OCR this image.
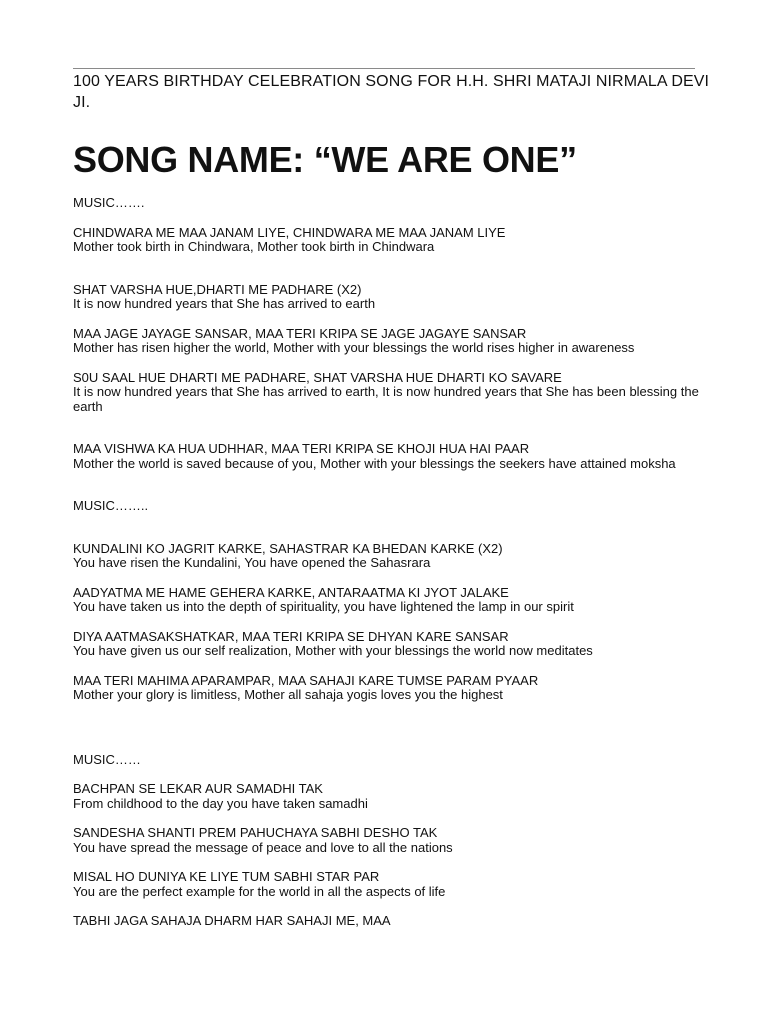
100 YEARS BIRTHDAY CELEBRATION SONG FOR H.H. SHRI MATAJI NIRMALA DEVI JI.
SONG NAME: “WE ARE ONE”
MUSIC…….
CHINDWARA ME MAA JANAM LIYE, CHINDWARA ME MAA JANAM LIYE
Mother took birth in Chindwara, Mother took birth in Chindwara
SHAT VARSHA HUE,DHARTI ME PADHARE (X2)
It is now hundred years that She has arrived to earth
MAA JAGE JAYAGE SANSAR, MAA TERI KRIPA SE JAGE JAGAYE SANSAR
Mother has risen higher the world, Mother with your blessings the world rises higher in awareness
S0U SAAL HUE DHARTI ME PADHARE, SHAT VARSHA HUE DHARTI KO SAVARE
It is now hundred years that She has arrived to earth, It is now hundred years that She has been blessing the earth
MAA VISHWA KA HUA UDHHAR, MAA TERI KRIPA SE KHOJI HUA HAI PAAR
Mother the world is saved because of you, Mother with your blessings the seekers have attained moksha
MUSIC……..
KUNDALINI KO JAGRIT KARKE, SAHASTRAR KA BHEDAN KARKE (X2)
You have risen the Kundalini, You have opened the Sahasrara
AADYATMA ME HAME GEHERA KARKE, ANTARAATMA KI JYOT JALAKE
You have taken us into the depth of spirituality, you have lightened the lamp in our spirit
DIYA AATMASAKSHATKAR, MAA TERI KRIPA SE DHYAN KARE SANSAR
You have given us our self realization, Mother with your blessings the world now meditates
MAA TERI MAHIMA APARAMPAR, MAA SAHAJI KARE TUMSE PARAM PYAAR
Mother your glory is limitless, Mother all sahaja yogis loves you the highest
MUSIC……
BACHPAN SE LEKAR AUR SAMADHI TAK
From childhood to the day you have taken samadhi
SANDESHA SHANTI PREM PAHUCHAYA SABHI DESHO TAK
You have spread the message of peace and love to all the nations
MISAL HO DUNIYA KE LIYE TUM SABHI STAR PAR
You are the perfect example for the world in all the aspects of life
TABHI JAGA SAHAJA DHARM HAR SAHAJI ME, MAA
